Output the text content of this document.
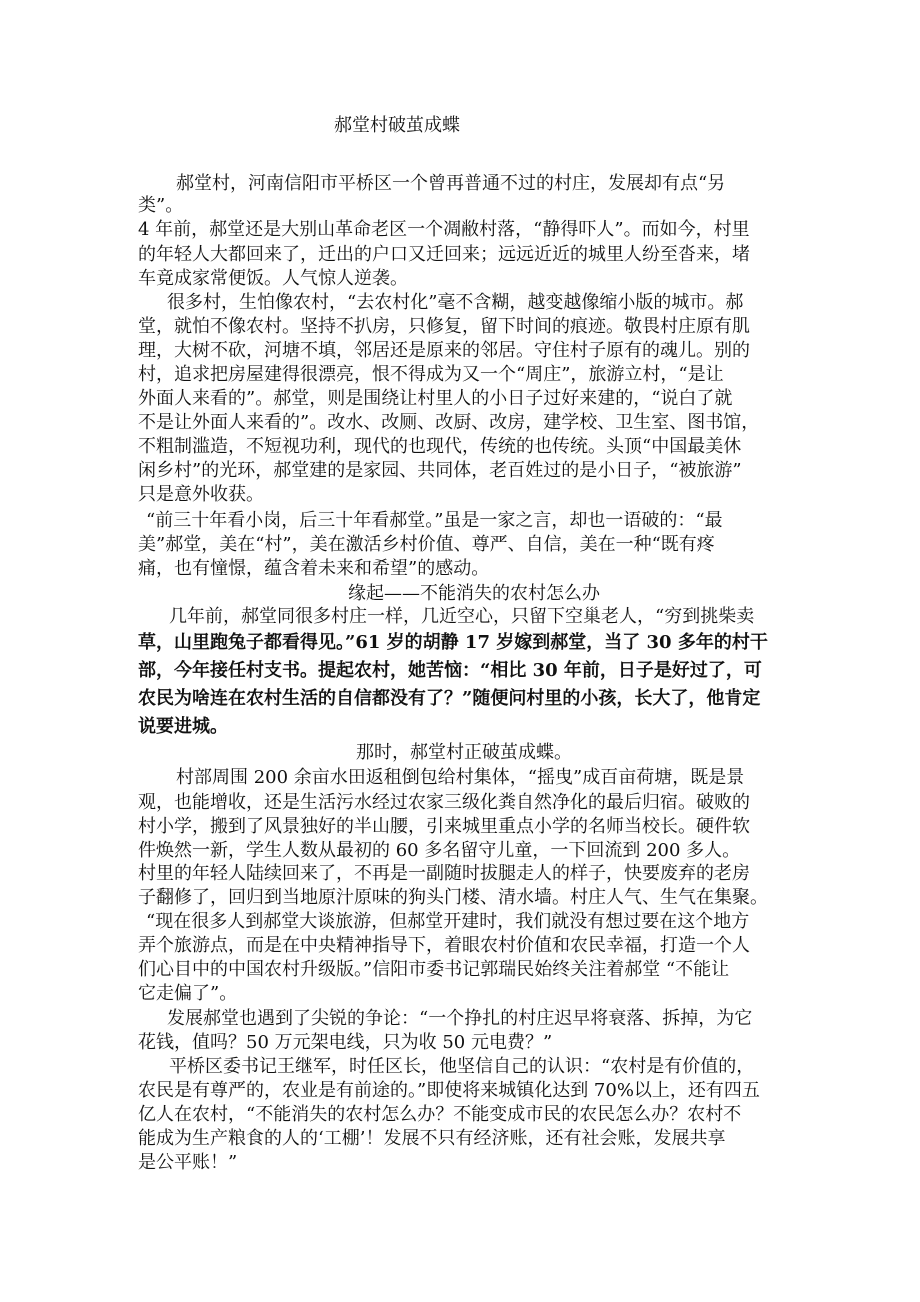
郝堂村破茧成蝶
郝堂村，河南信阳市平桥区一个曾再普通不过的村庄，发展却有点“另
类”。
4 年前，郝堂还是大别山革命老区一个凋敝村落，“静得吓人”。而如今，村里
的年轻人大都回来了，迁出的户口又迁回来；远远近近的城里人纷至沓来，堵
车竟成家常便饭。人气惊人逆袭。
很多村，生怕像农村，“去农村化”毫不含糊，越变越像缩小版的城市。郝
堂，就怕不像农村。坚持不扒房，只修复，留下时间的痕迹。敬畏村庄原有肌
理，大树不砍，河塘不填，邻居还是原来的邻居。守住村子原有的魂儿。别的
村，追求把房屋建得很漂亮，恨不得成为又一个“周庄”，旅游立村，“是让
外面人来看的”。郝堂，则是围绕让村里人的小日子过好来建的，“说白了就
不是让外面人来看的”。改水、改厕、改厨、改房，建学校、卫生室、图书馆，
不粗制滥造，不短视功利，现代的也现代，传统的也传统。头顶“中国最美休
闲乡村”的光环，郝堂建的是家园、共同体，老百姓过的是小日子，“被旅游”
只是意外收获。
“前三十年看小岗，后三十年看郝堂。”虽是一家之言，却也一语破的：“最
美”郝堂，美在“村”，美在激活乡村价值、尊严、自信，美在一种“既有疼
痛，也有憧憬，蕴含着未来和希望”的感动。
缘起——不能消失的农村怎么办
几年前，郝堂同很多村庄一样，几近空心，只留下空巢老人，“穷到挑柴卖
草，山里跑兔子都看得见。”61 岁的胡静 17 岁嫁到郝堂，当了 30 多年的村干
部，今年接任村支书。提起农村，她苦恼：“相比 30 年前，日子是好过了，可
农民为啥连在农村生活的自信都没有了？”随便问村里的小孩，长大了，他肯定
说要进城。
那时，郝堂村正破茧成蝶。
村部周围 200 余亩水田返租倒包给村集体，“摇曳”成百亩荷塘，既是景
观，也能增收，还是生活污水经过农家三级化粪自然净化的最后归宿。破败的
村小学，搬到了风景独好的半山腰，引来城里重点小学的名师当校长。硬件软
件焕然一新，学生人数从最初的 60 多名留守儿童，一下回流到 200 多人。
村里的年轻人陆续回来了，不再是一副随时拔腿走人的样子，快要废弃的老房
子翻修了，回归到当地原汁原味的狗头门楼、清水墙。村庄人气、生气在集聚。
“现在很多人到郝堂大谈旅游，但郝堂开建时，我们就没有想过要在这个地方
弄个旅游点，而是在中央精神指导下，着眼农村价值和农民幸福，打造一个人
们心目中的中国农村升级版。”信阳市委书记郭瑞民始终关注着郝堂 “不能让
它走偏了”。
发展郝堂也遇到了尖锐的争论：“一个挣扎的村庄迟早将衰落、拆掉，为它
花钱，值吗？50 万元架电线，只为收 50 元电费？”
平桥区委书记王继军，时任区长，他坚信自己的认识：“农村是有价值的，
农民是有尊严的，农业是有前途的。”即使将来城镇化达到 70%以上，还有四五
亿人在农村，“不能消失的农村怎么办？不能变成市民的农民怎么办？农村不
能成为生产粮食的人的‘工棚’！发展不只有经济账，还有社会账，发展共享
是公平账！”
